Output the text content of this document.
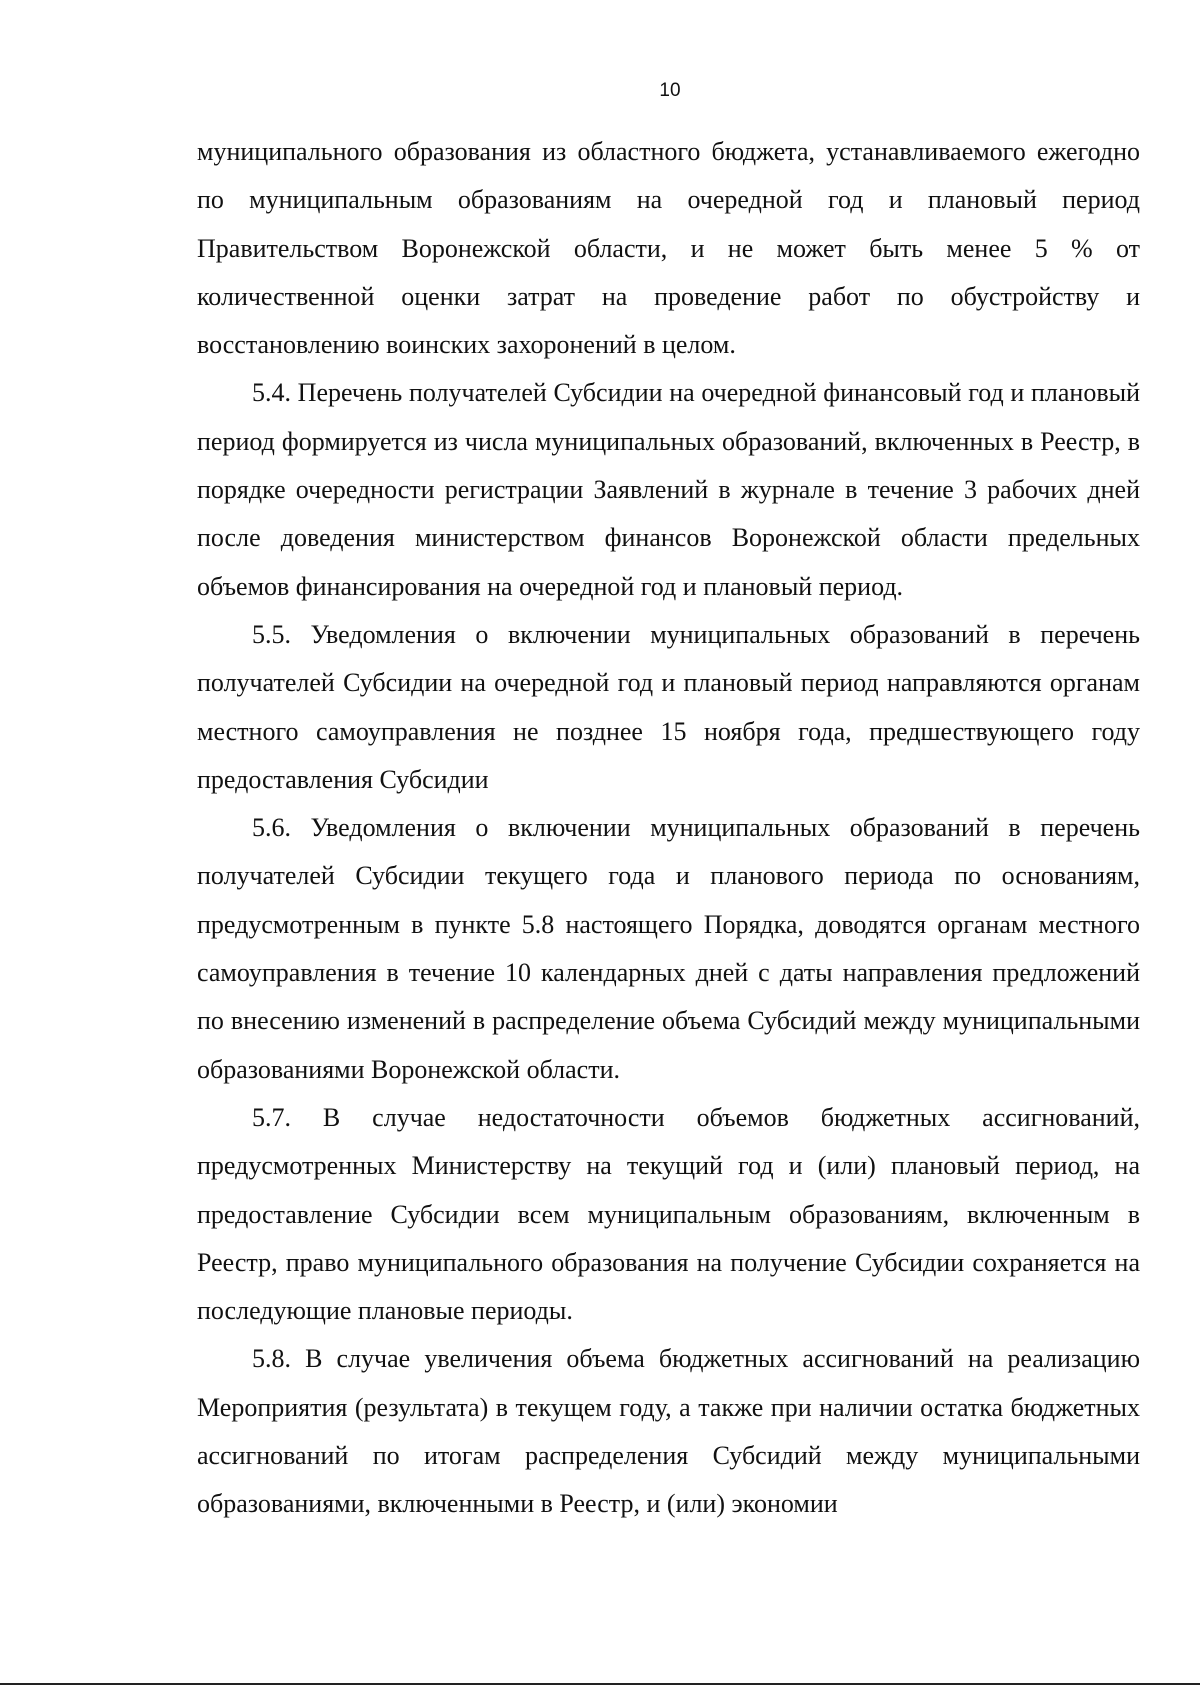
10

муниципального образования из областного бюджета, устанавливаемого ежегодно по муниципальным образованиям на очередной год и плановый период Правительством Воронежской области, и не может быть менее 5 % от количественной оценки затрат на проведение работ по обустройству и восстановлению воинских захоронений в целом.

5.4. Перечень получателей Субсидии на очередной финансовый год и плановый период формируется из числа муниципальных образований, включенных в Реестр, в порядке очередности регистрации Заявлений в журнале в течение 3 рабочих дней после доведения министерством финансов Воронежской области предельных объемов финансирования на очередной год и плановый период.

5.5. Уведомления о включении муниципальных образований в перечень получателей Субсидии на очередной год и плановый период направляются органам местного самоуправления не позднее 15 ноября года, предшествующего году предоставления Субсидии

5.6. Уведомления о включении муниципальных образований в перечень получателей Субсидии текущего года и планового периода по основаниям, предусмотренным в пункте 5.8 настоящего Порядка, доводятся органам местного самоуправления в течение 10 календарных дней с даты направления предложений по внесению изменений в распределение объема Субсидий между муниципальными образованиями Воронежской области.

5.7. В случае недостаточности объемов бюджетных ассигнований, предусмотренных Министерству на текущий год и (или) плановый период, на предоставление Субсидии всем муниципальным образованиям, включенным в Реестр, право муниципального образования на получение Субсидии сохраняется на последующие плановые периоды.

5.8. В случае увеличения объема бюджетных ассигнований на реализацию Мероприятия (результата) в текущем году, а также при наличии остатка бюджетных ассигнований по итогам распределения Субсидий между муниципальными образованиями, включенными в Реестр, и (или) экономии
